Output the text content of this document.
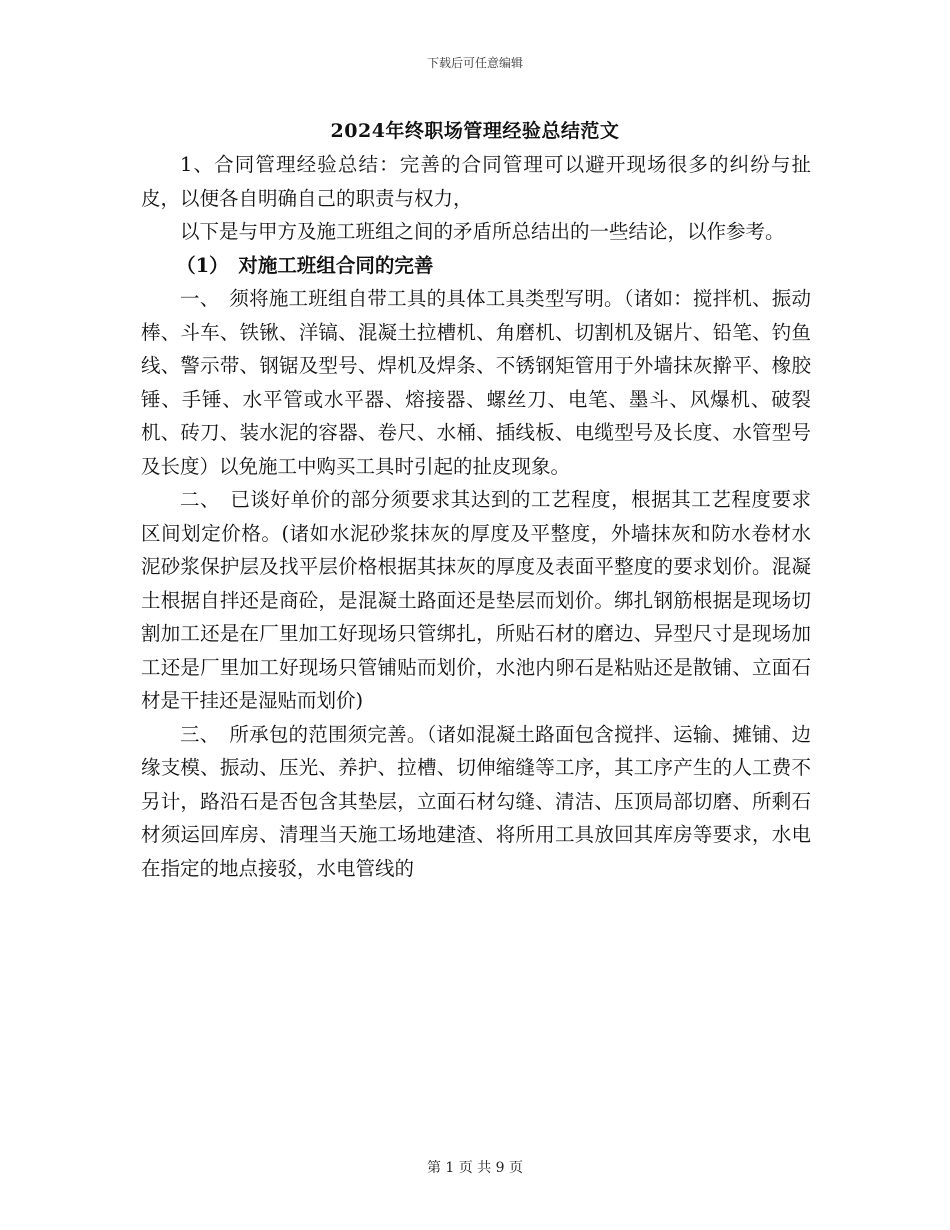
下载后可任意编辑
2024年终职场管理经验总结范文

1、合同管理经验总结：完善的合同管理可以避开现场很多的纠纷与扯皮，以便各自明确自己的职责与权力，

以下是与甲方及施工班组之间的矛盾所总结出的一些结论，以作参考。

（1）　对施工班组合同的完善

一、　须将施工班组自带工具的具体工具类型写明。（诸如：搅拌机、振动棒、斗车、铁锹、洋镐、混凝土拉槽机、角磨机、切割机及锯片、铅笔、钓鱼线、警示带、钢锯及型号、焊机及焊条、不锈钢矩管用于外墙抹灰擀平、橡胶锤、手锤、水平管或水平器、熔接器、螺丝刀、电笔、墨斗、风爆机、破裂机、砖刀、装水泥的容器、卷尺、水桶、插线板、电缆型号及长度、水管型号及长度）以免施工中购买工具时引起的扯皮现象。

二、　已谈好单价的部分须要求其达到的工艺程度，根据其工艺程度要求区间划定价格。(诸如水泥砂浆抹灰的厚度及平整度，外墙抹灰和防水卷材水泥砂浆保护层及找平层价格根据其抹灰的厚度及表面平整度的要求划价。混凝土根据自拌还是商砼，是混凝土路面还是垫层而划价。绑扎钢筋根据是现场切割加工还是在厂里加工好现场只管绑扎，所贴石材的磨边、异型尺寸是现场加工还是厂里加工好现场只管铺贴而划价，水池内卵石是粘贴还是散铺、立面石材是干挂还是湿贴而划价)

三、　所承包的范围须完善。（诸如混凝土路面包含搅拌、运输、摊铺、边缘支模、振动、压光、养护、拉槽、切伸缩缝等工序，其工序产生的人工费不另计，路沿石是否包含其垫层，立面石材勾缝、清洁、压顶局部切磨、所剩石材须运回库房、清理当天施工场地建渣、将所用工具放回其库房等要求，水电在指定的地点接驳，水电管线的

第 1 页 共 9 页
